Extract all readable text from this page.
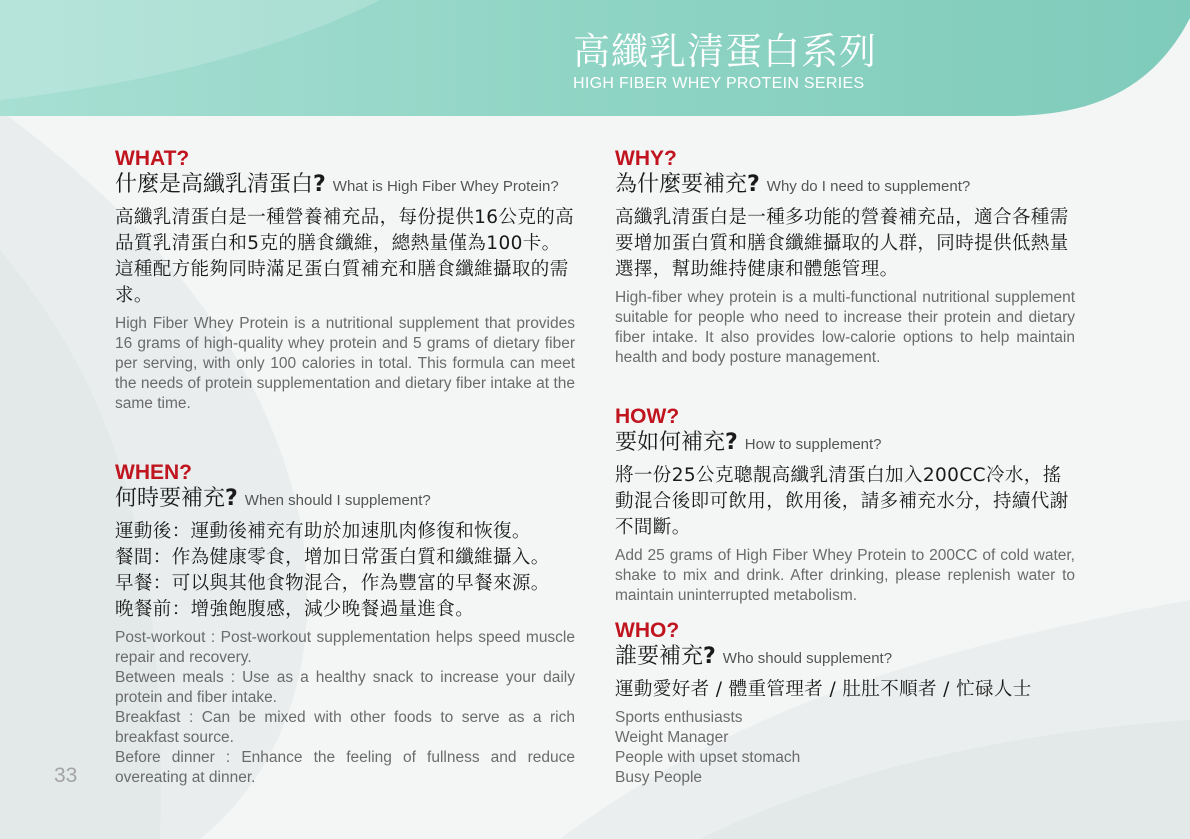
高纖乳清蛋白系列
HIGH FIBER WHEY PROTEIN SERIES
WHAT?
什麼是高纖乳清蛋白? What is High Fiber Whey Protein?
高纖乳清蛋白是一種營養補充品，每份提供16公克的高品質乳清蛋白和5克的膳食纖維，總熱量僅為100卡。這種配方能夠同時滿足蛋白質補充和膳食纖維攝取的需求。
High Fiber Whey Protein is a nutritional supplement that provides 16 grams of high-quality whey protein and 5 grams of dietary fiber per serving, with only 100 calories in total. This formula can meet the needs of protein supplementation and dietary fiber intake at the same time.
WHEN?
何時要補充? When should I supplement?
運動後：運動後補充有助於加速肌肉修復和恢復。
餐間：作為健康零食，增加日常蛋白質和纖維攝入。
早餐：可以與其他食物混合，作為豐富的早餐來源。
晚餐前：增強飽腹感，減少晚餐過量進食。
Post-workout : Post-workout supplementation helps speed muscle repair and recovery.
Between meals : Use as a healthy snack to increase your daily protein and fiber intake.
Breakfast : Can be mixed with other foods to serve as a rich breakfast source.
Before dinner : Enhance the feeling of fullness and reduce overeating at dinner.
WHY?
為什麼要補充? Why do I need to supplement?
高纖乳清蛋白是一種多功能的營養補充品，適合各種需要增加蛋白質和膳食纖維攝取的人群，同時提供低熱量選擇，幫助維持健康和體態管理。
High-fiber whey protein is a multi-functional nutritional supplement suitable for people who need to increase their protein and dietary fiber intake. It also provides low-calorie options to help maintain health and body posture management.
HOW?
要如何補充? How to supplement?
將一份25公克聰靚高纖乳清蛋白加入200CC冷水，搖動混合後即可飲用，飲用後，請多補充水分，持續代謝不間斷。
Add 25 grams of High Fiber Whey Protein to 200CC of cold water, shake to mix and drink. After drinking, please replenish water to maintain uninterrupted metabolism.
WHO?
誰要補充? Who should supplement?
運動愛好者 / 體重管理者 / 肚肚不順者 / 忙碌人士
Sports enthusiasts
Weight Manager
People with upset stomach
Busy People
33
